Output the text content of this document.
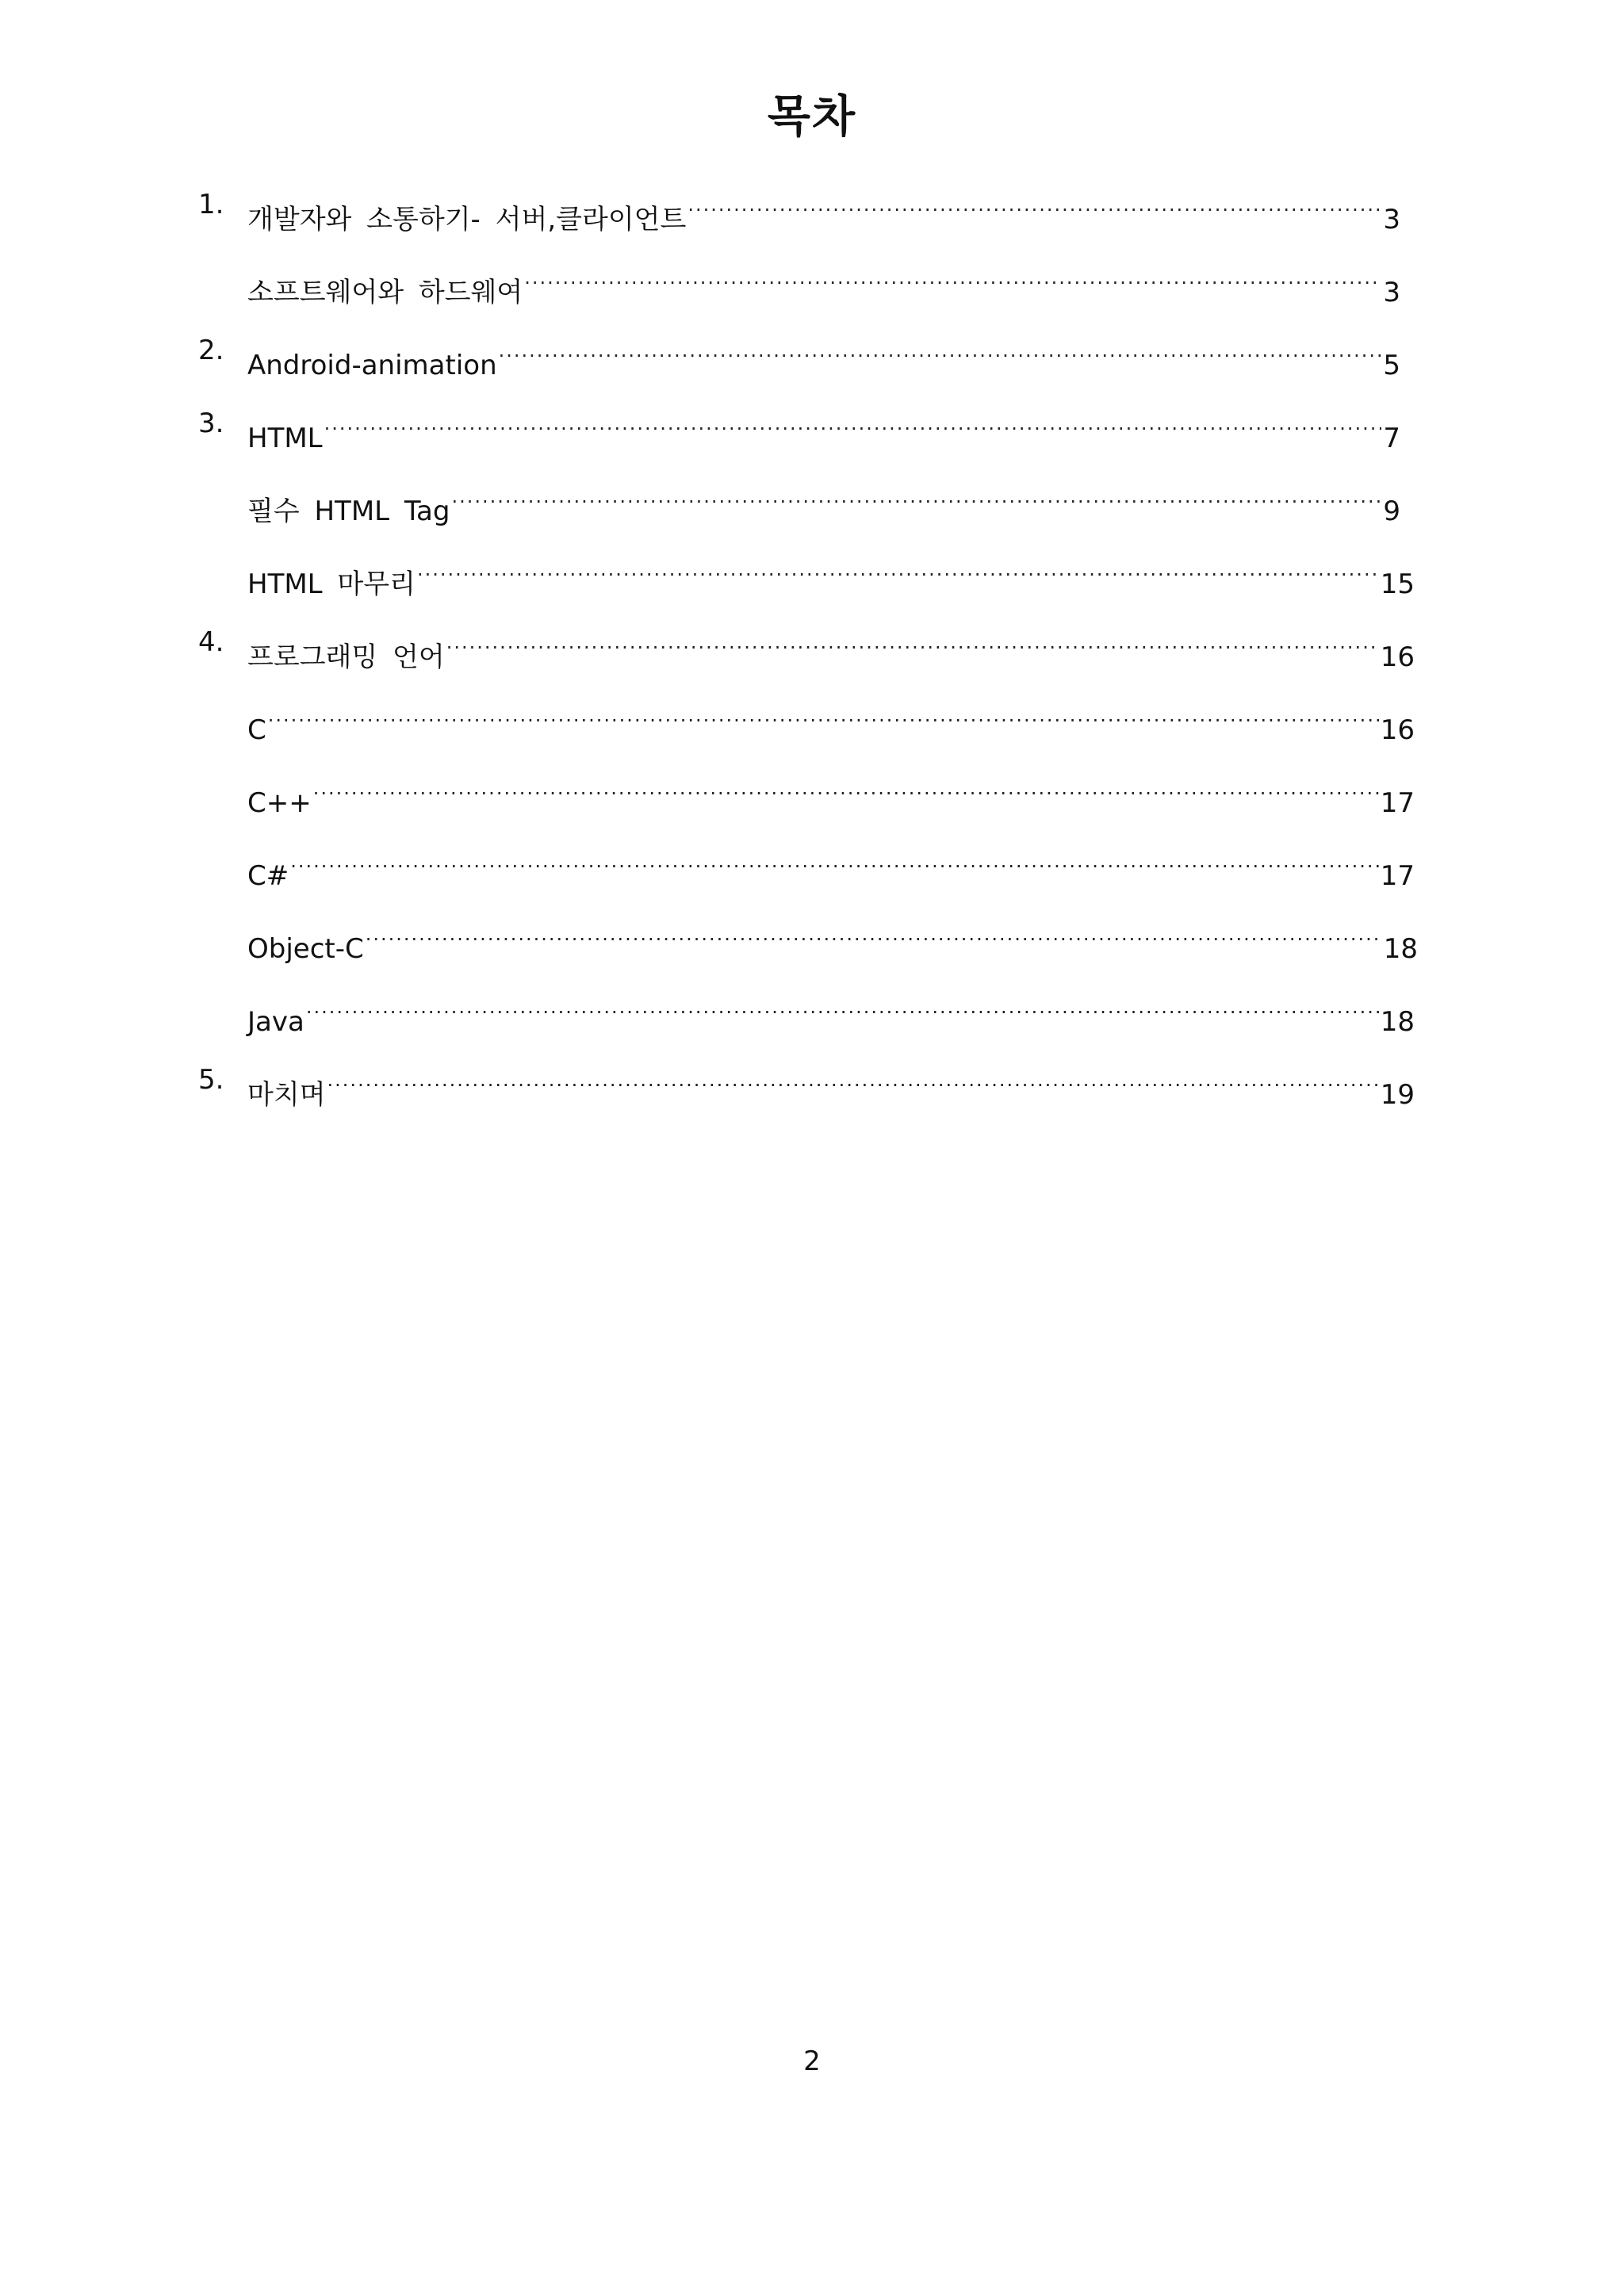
목차
1. 개발자와 소통하기- 서버,클라이언트 .....	3
소프트웨어와 하드웨여 .....	3
2. Android-animation .....	5
3. HTML .....	7
필수 HTML Tag .....	9
HTML 마무리 .....	15
4. 프로그래밍 언어 .....	16
C .....	16
C++ .....	17
C# .....	17
Object-C .....	18
Java .....	18
5. 마치며 .....	19
2
